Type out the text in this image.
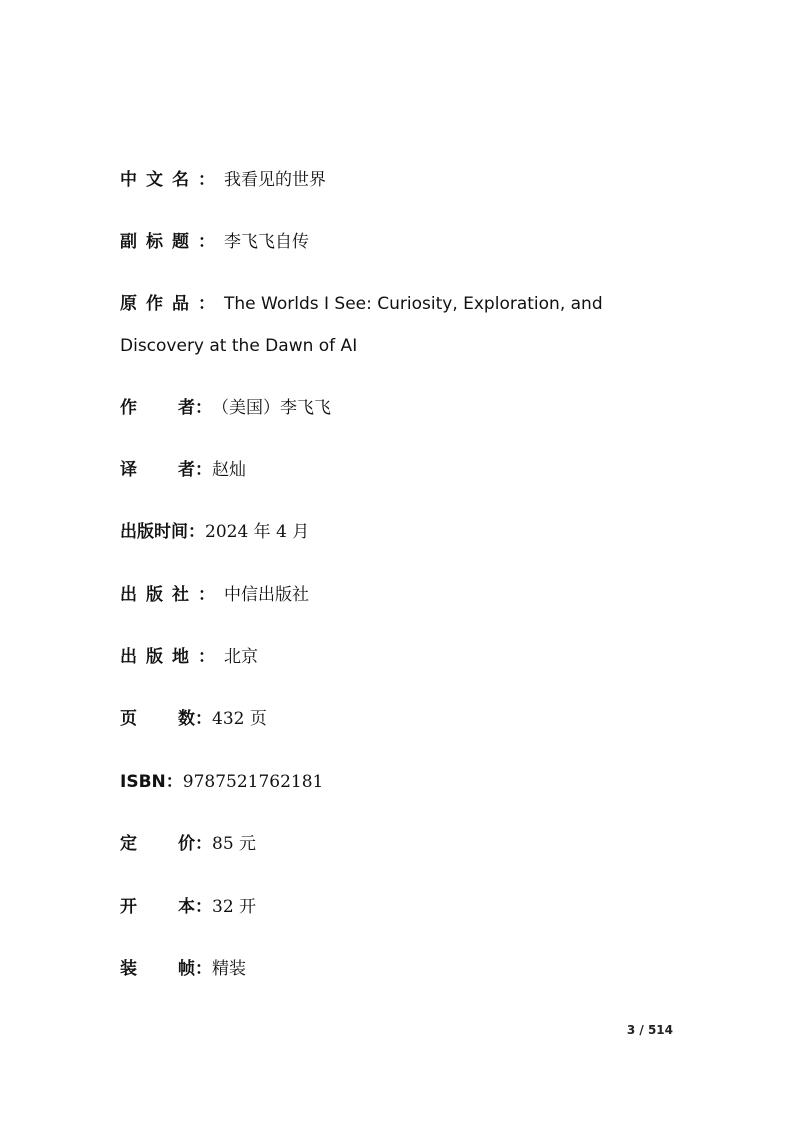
中文名：我看见的世界
副标题：李飞飞自传
原作品：The Worlds I See: Curiosity, Exploration, and Discovery at the Dawn of AI
作 者： （美国）李飞飞
译 者： 赵灿
出版时间：2024 年 4 月
出版社：中信出版社
出版地：北京
页 数： 432 页
ISBN：9787521762181
定 价： 85 元
开 本： 32 开
装 帧： 精装
3 / 514
